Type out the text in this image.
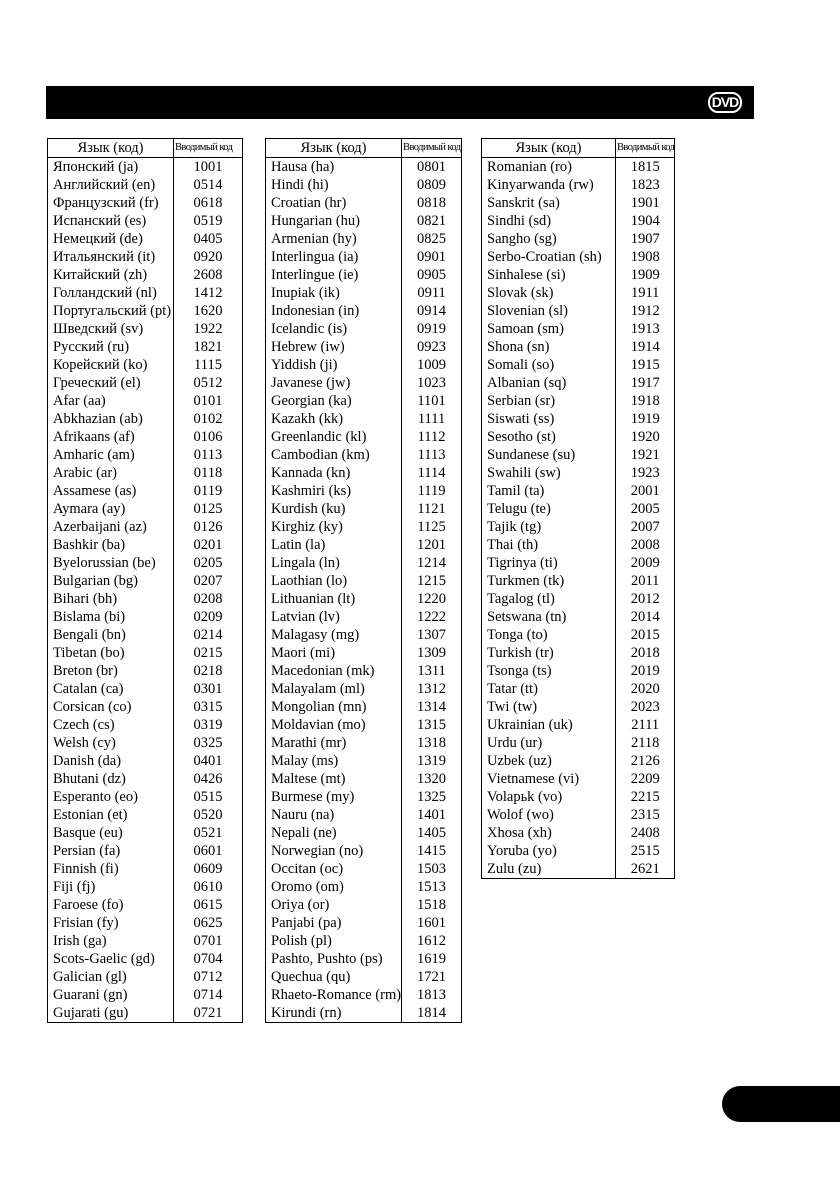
DVD
Язык (код)	Вводимый код
Японский (ja)	1001
Английский (en)	0514
Французский (fr)	0618
Испанский (es)	0519
Немецкий (de)	0405
Итальянский (it)	0920
Китайский (zh)	2608
Голландский (nl)	1412
Португальский (pt)	1620
Шведский (sv)	1922
Русский (ru)	1821
Корейский (ko)	1115
Греческий (el)	0512
Afar (aa)	0101
Abkhazian (ab)	0102
Afrikaans (af)	0106
Amharic (am)	0113
Arabic (ar)	0118
Assamese (as)	0119
Aymara (ay)	0125
Azerbaijani (az)	0126
Bashkir (ba)	0201
Byelorussian (be)	0205
Bulgarian (bg)	0207
Bihari (bh)	0208
Bislama (bi)	0209
Bengali (bn)	0214
Tibetan (bo)	0215
Breton (br)	0218
Catalan (ca)	0301
Corsican (co)	0315
Czech (cs)	0319
Welsh (cy)	0325
Danish (da)	0401
Bhutani (dz)	0426
Esperanto (eo)	0515
Estonian (et)	0520
Basque (eu)	0521
Persian (fa)	0601
Finnish (fi)	0609
Fiji (fj)	0610
Faroese (fo)	0615
Frisian (fy)	0625
Irish (ga)	0701
Scots-Gaelic (gd)	0704
Galician (gl)	0712
Guarani (gn)	0714
Gujarati (gu)	0721
Язык (код)	Вводимый код
Hausa (ha)	0801
Hindi (hi)	0809
Croatian (hr)	0818
Hungarian (hu)	0821
Armenian (hy)	0825
Interlingua (ia)	0901
Interlingue (ie)	0905
Inupiak (ik)	0911
Indonesian (in)	0914
Icelandic (is)	0919
Hebrew (iw)	0923
Yiddish (ji)	1009
Javanese (jw)	1023
Georgian (ka)	1101
Kazakh (kk)	1111
Greenlandic (kl)	1112
Cambodian (km)	1113
Kannada (kn)	1114
Kashmiri (ks)	1119
Kurdish (ku)	1121
Kirghiz (ky)	1125
Latin (la)	1201
Lingala (ln)	1214
Laothian (lo)	1215
Lithuanian (lt)	1220
Latvian (lv)	1222
Malagasy (mg)	1307
Maori (mi)	1309
Macedonian (mk)	1311
Malayalam (ml)	1312
Mongolian (mn)	1314
Moldavian (mo)	1315
Marathi (mr)	1318
Malay (ms)	1319
Maltese (mt)	1320
Burmese (my)	1325
Nauru (na)	1401
Nepali (ne)	1405
Norwegian (no)	1415
Occitan (oc)	1503
Oromo (om)	1513
Oriya (or)	1518
Panjabi (pa)	1601
Polish (pl)	1612
Pashto, Pushto (ps)	1619
Quechua (qu)	1721
Rhaeto-Romance (rm)	1813
Kirundi (rn)	1814
Язык (код)	Вводимый код
Romanian (ro)	1815
Kinyarwanda (rw)	1823
Sanskrit (sa)	1901
Sindhi (sd)	1904
Sangho (sg)	1907
Serbo-Croatian (sh)	1908
Sinhalese (si)	1909
Slovak (sk)	1911
Slovenian (sl)	1912
Samoan (sm)	1913
Shona (sn)	1914
Somali (so)	1915
Albanian (sq)	1917
Serbian (sr)	1918
Siswati (ss)	1919
Sesotho (st)	1920
Sundanese (su)	1921
Swahili (sw)	1923
Tamil (ta)	2001
Telugu (te)	2005
Tajik (tg)	2007
Thai (th)	2008
Tigrinya (ti)	2009
Turkmen (tk)	2011
Tagalog (tl)	2012
Setswana (tn)	2014
Tonga (to)	2015
Turkish (tr)	2018
Tsonga (ts)	2019
Tatar (tt)	2020
Twi (tw)	2023
Ukrainian (uk)	2111
Urdu (ur)	2118
Uzbek (uz)	2126
Vietnamese (vi)	2209
Volapьk (vo)	2215
Wolof (wo)	2315
Xhosa (xh)	2408
Yoruba (yo)	2515
Zulu (zu)	2621
